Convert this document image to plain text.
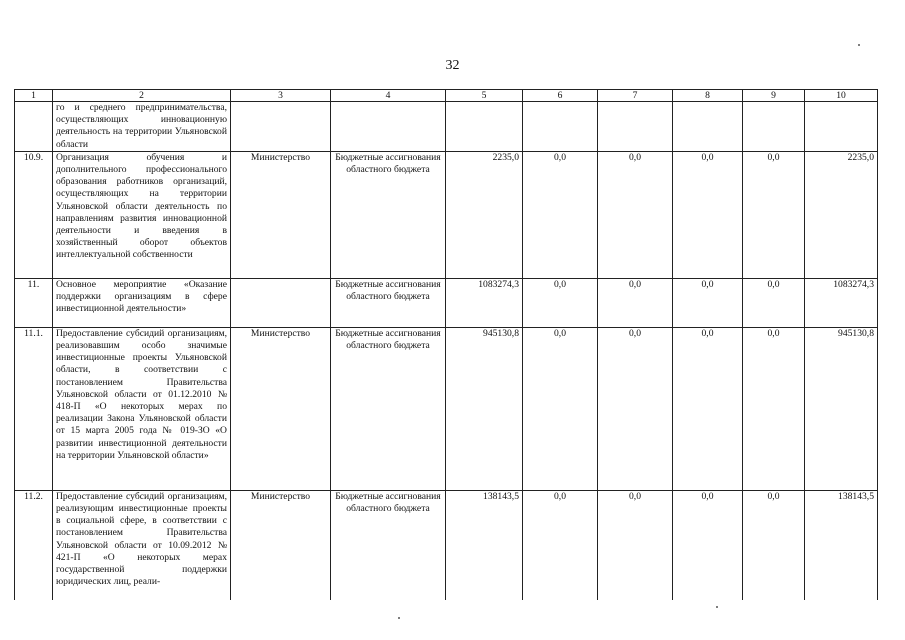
32
1	2	3	4	5	6	7	8	9	10
	го и среднего предпринимательства, осуществляющих инновационную деятельность на территории Ульяновской области								
10.9.	Организация обучения и дополнительного профессионального образования работников организаций, осуществляющих на территории Ульяновской области деятельность по направлениям развития инновационной деятельности и введения в хозяйственный оборот объектов интеллектуальной собственности	Министерство	Бюджетные ассигнования областного бюджета	2235,0	0,0	0,0	0,0	0,0	2235,0
11.	Основное мероприятие «Оказание поддержки организациям в сфере инвестиционной деятельности»		Бюджетные ассигнования областного бюджета	1083274,3	0,0	0,0	0,0	0,0	1083274,3
11.1.	Предоставление субсидий организациям, реализовавшим особо значимые инвестиционные проекты Ульяновской области, в соответствии с постановлением Правительства Ульяновской области от 01.12.2010 № 418-П «О некоторых мерах по реализации Закона Ульяновской области от 15 марта 2005 года № 019-ЗО «О развитии инвестиционной деятельности на территории Ульяновской области»	Министерство	Бюджетные ассигнования областного бюджета	945130,8	0,0	0,0	0,0	0,0	945130,8
11.2.	Предоставление субсидий организациям, реализующим инвестиционные проекты в социальной сфере, в соответствии с постановлением Правительства Ульяновской области от 10.09.2012 № 421-П «О некоторых мерах государственной поддержки юридических лиц, реали-	Министерство	Бюджетные ассигнования областного бюджета	138143,5	0,0	0,0	0,0	0,0	138143,5
